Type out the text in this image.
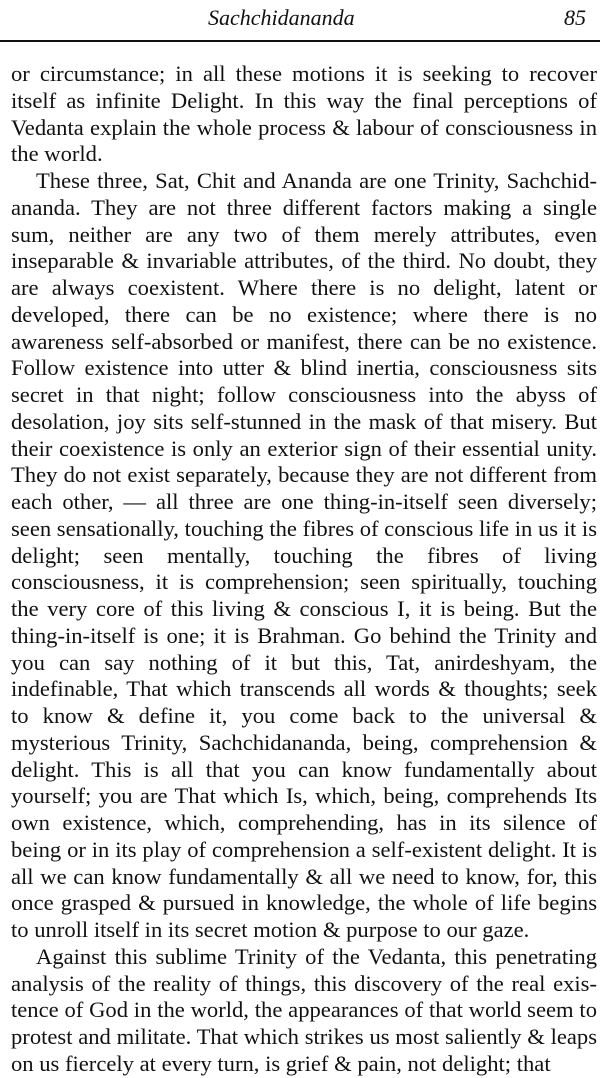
Sachchidananda	85

or circumstance; in all these motions it is seeking to recover itself as infinite Delight. In this way the final perceptions of Vedanta explain the whole process & labour of consciousness in the world.

These three, Sat, Chit and Ananda are one Trinity, Sachchidananda. They are not three different factors making a single sum, neither are any two of them merely attributes, even inseparable & invariable attributes, of the third. No doubt, they are always coexistent. Where there is no delight, latent or developed, there can be no existence; where there is no awareness self-absorbed or manifest, there can be no existence. Follow existence into utter & blind inertia, consciousness sits secret in that night; follow consciousness into the abyss of desolation, joy sits self-stunned in the mask of that misery. But their coexistence is only an exterior sign of their essential unity. They do not exist separately, because they are not different from each other, — all three are one thing-in-itself seen diversely; seen sensationally, touching the fibres of conscious life in us it is delight; seen mentally, touching the fibres of living consciousness, it is comprehension; seen spiritually, touching the very core of this living & conscious I, it is being. But the thing-in-itself is one; it is Brahman. Go behind the Trinity and you can say nothing of it but this, Tat, anirdeshyam, the indefinable, That which transcends all words & thoughts; seek to know & define it, you come back to the universal & mysterious Trinity, Sachchidananda, being, comprehension & delight. This is all that you can know fundamentally about yourself; you are That which Is, which, being, comprehends Its own existence, which, comprehending, has in its silence of being or in its play of comprehension a self-existent delight. It is all we can know fundamentally & all we need to know, for, this once grasped & pursued in knowledge, the whole of life begins to unroll itself in its secret motion & purpose to our gaze.

Against this sublime Trinity of the Vedanta, this penetrating analysis of the reality of things, this discovery of the real existence of God in the world, the appearances of that world seem to protest and militate. That which strikes us most saliently & leaps on us fiercely at every turn, is grief & pain, not delight; that
